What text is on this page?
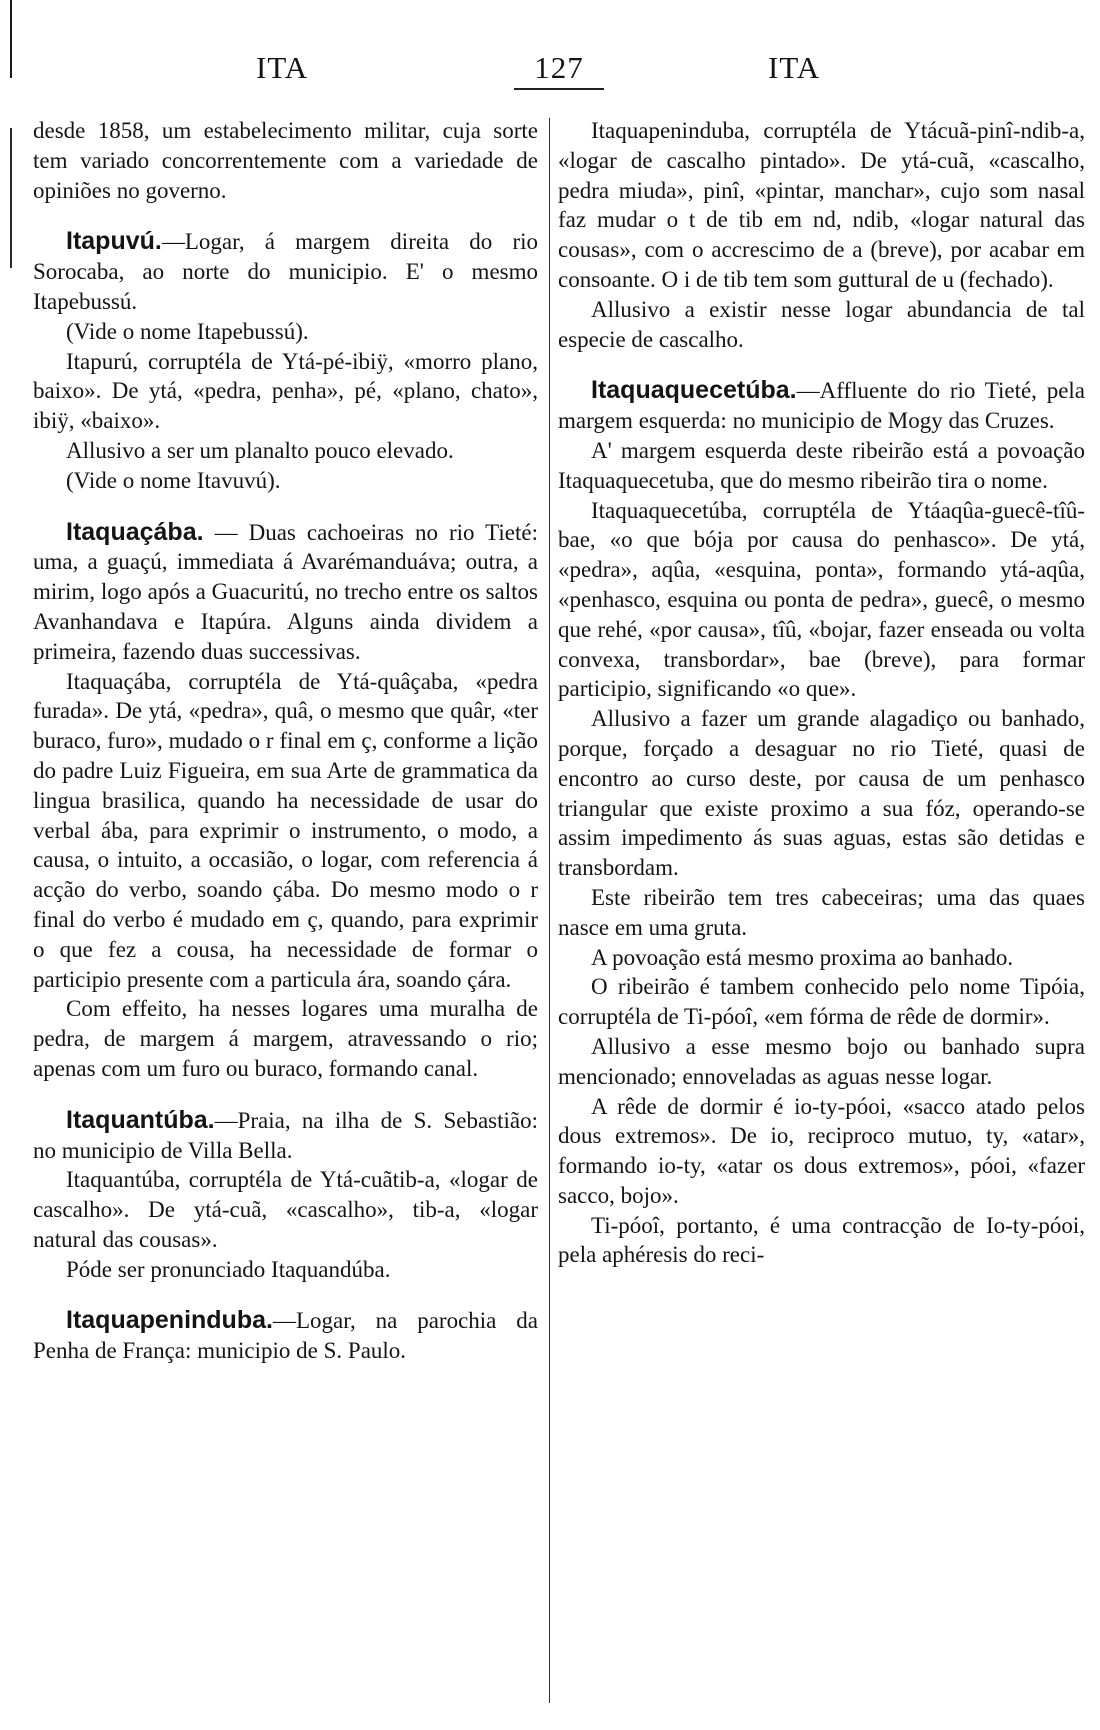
ITA	127	ITA

desde 1858, um estabelecimento militar, cuja sorte tem variado concorrentemente com a variedade de opiniões no governo.

Itapuvú.—Logar, á margem direita do rio Sorocaba, ao norte do municipio. E' o mesmo Itapebussú.

(Vide o nome Itapebussú).

Itapurú, corruptéla de Ytá-pé-ibiÿ, «morro plano, baixo». De ytá, «pedra, penha», pé, «plano, chato», ibiÿ, «baixo».

Allusivo a ser um planalto pouco elevado.

(Vide o nome Itavuvú).

Itaquaçába. — Duas cachoeiras no rio Tieté: uma, a guaçú, immediata á Avarémanduáva; outra, a mirim, logo após a Guacuritú, no trecho entre os saltos Avanhandava e Itapúra. Alguns ainda dividem a primeira, fazendo duas successivas.

Itaquaçába, corruptéla de Ytá-quâçaba, «pedra furada». De ytá, «pedra», quâ, o mesmo que quâr, «ter buraco, furo», mudado o r final em ç, conforme a lição do padre Luiz Figueira, em sua Arte de grammatica da lingua brasilica, quando ha necessidade de usar do verbal ába, para exprimir o instrumento, o modo, a causa, o intuito, a occasião, o logar, com referencia á acção do verbo, soando çába. Do mesmo modo o r final do verbo é mudado em ç, quando, para exprimir o que fez a cousa, ha necessidade de formar o participio presente com a particula ára, soando çára.

Com effeito, ha nesses logares uma muralha de pedra, de margem á margem, atravessando o rio; apenas com um furo ou buraco, formando canal.

Itaquantúba.—Praia, na ilha de S. Sebastião: no municipio de Villa Bella.

Itaquantúba, corruptéla de Ytá-cuãtib-a, «logar de cascalho». De ytá-cuã, «cascalho», tib-a, «logar natural das cousas».

Póde ser pronunciado Itaquandúba.

Itaquapeninduba.—Logar, na parochia da Penha de França: municipio de S. Paulo.

Itaquapeninduba, corruptéla de Ytácuã-pinî-ndib-a, «logar de cascalho pintado». De ytá-cuã, «cascalho, pedra miuda», pinî, «pintar, manchar», cujo som nasal faz mudar o t de tib em nd, ndib, «logar natural das cousas», com o accrescimo de a (breve), por acabar em consoante. O i de tib tem som guttural de u (fechado).

Allusivo a existir nesse logar abundancia de tal especie de cascalho.

Itaquaquecetúba.—Affluente do rio Tieté, pela margem esquerda: no municipio de Mogy das Cruzes.

A' margem esquerda deste ribeirão está a povoação Itaquaquecetuba, que do mesmo ribeirão tira o nome.

Itaquaquecetúba, corruptéla de Ytáaqûa-guecê-tîû-bae, «o que bója por causa do penhasco». De ytá, «pedra», aqûa, «esquina, ponta», formando ytá-aqûa, «penhasco, esquina ou ponta de pedra», guecê, o mesmo que rehé, «por causa», tîû, «bojar, fazer enseada ou volta convexa, transbordar», bae (breve), para formar participio, significando «o que».

Allusivo a fazer um grande alagadiço ou banhado, porque, forçado a desaguar no rio Tieté, quasi de encontro ao curso deste, por causa de um penhasco triangular que existe proximo a sua fóz, operando-se assim impedimento ás suas aguas, estas são detidas e transbordam.

Este ribeirão tem tres cabeceiras; uma das quaes nasce em uma gruta.

A povoação está mesmo proxima ao banhado.

O ribeirão é tambem conhecido pelo nome Tipóia, corruptéla de Ti-póoî, «em fórma de rêde de dormir».

Allusivo a esse mesmo bojo ou banhado supra mencionado; ennoveladas as aguas nesse logar.

A rêde de dormir é io-ty-póoi, «sacco atado pelos dous extremos». De io, reciproco mutuo, ty, «atar», formando io-ty, «atar os dous extremos», póoi, «fazer sacco, bojo».

Ti-póoî, portanto, é uma contracção de Io-ty-póoi, pela aphéresis do reci-
